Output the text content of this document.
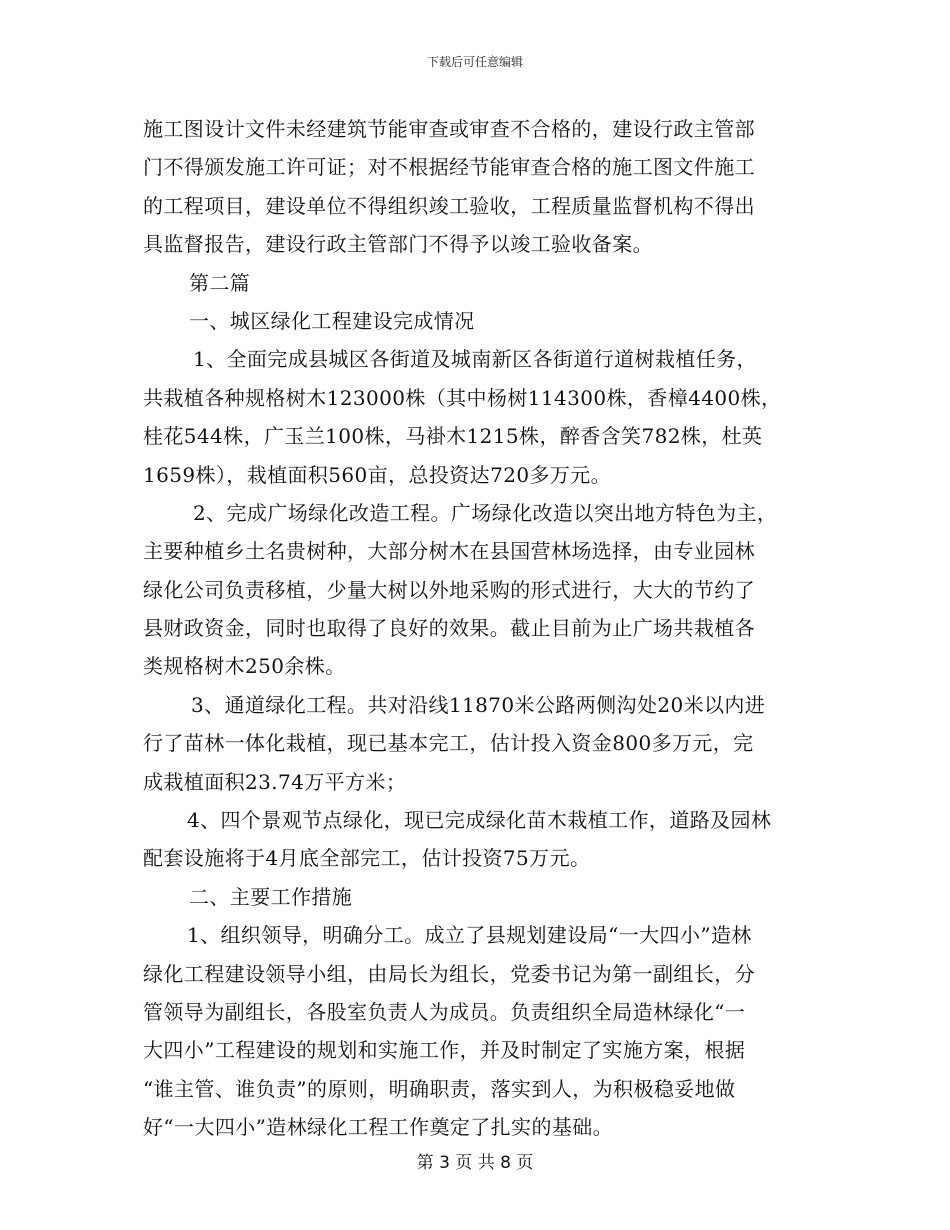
下载后可任意编辑
施工图设计文件未经建筑节能审查或审查不合格的，建设行政主管部
门不得颁发施工许可证；对不根据经节能审查合格的施工图文件施工
的工程项目，建设单位不得组织竣工验收，工程质量监督机构不得出
具监督报告，建设行政主管部门不得予以竣工验收备案。
第二篇
一、城区绿化工程建设完成情况
1、全面完成县城区各街道及城南新区各街道行道树栽植任务，
共栽植各种规格树木123000株（其中杨树114300株，香樟4400株，
桂花544株，广玉兰100株，马褂木1215株，醉香含笑782株，杜英
1659株），栽植面积560亩，总投资达720多万元。
2、完成广场绿化改造工程。广场绿化改造以突出地方特色为主，
主要种植乡土名贵树种，大部分树木在县国营林场选择，由专业园林
绿化公司负责移植，少量大树以外地采购的形式进行，大大的节约了
县财政资金，同时也取得了良好的效果。截止目前为止广场共栽植各
类规格树木250余株。
3、通道绿化工程。共对沿线11870米公路两侧沟处20米以内进
行了苗林一体化栽植，现已基本完工，估计投入资金800多万元，完
成栽植面积23.74万平方米；
4、四个景观节点绿化，现已完成绿化苗木栽植工作，道路及园林
配套设施将于4月底全部完工，估计投资75万元。
二、主要工作措施
1、组织领导，明确分工。成立了县规划建设局“一大四小”造林
绿化工程建设领导小组，由局长为组长，党委书记为第一副组长，分
管领导为副组长，各股室负责人为成员。负责组织全局造林绿化“一
大四小”工程建设的规划和实施工作，并及时制定了实施方案，根据
“谁主管、谁负责”的原则，明确职责，落实到人，为积极稳妥地做
好“一大四小”造林绿化工程工作奠定了扎实的基础。
第 3 页 共 8 页
